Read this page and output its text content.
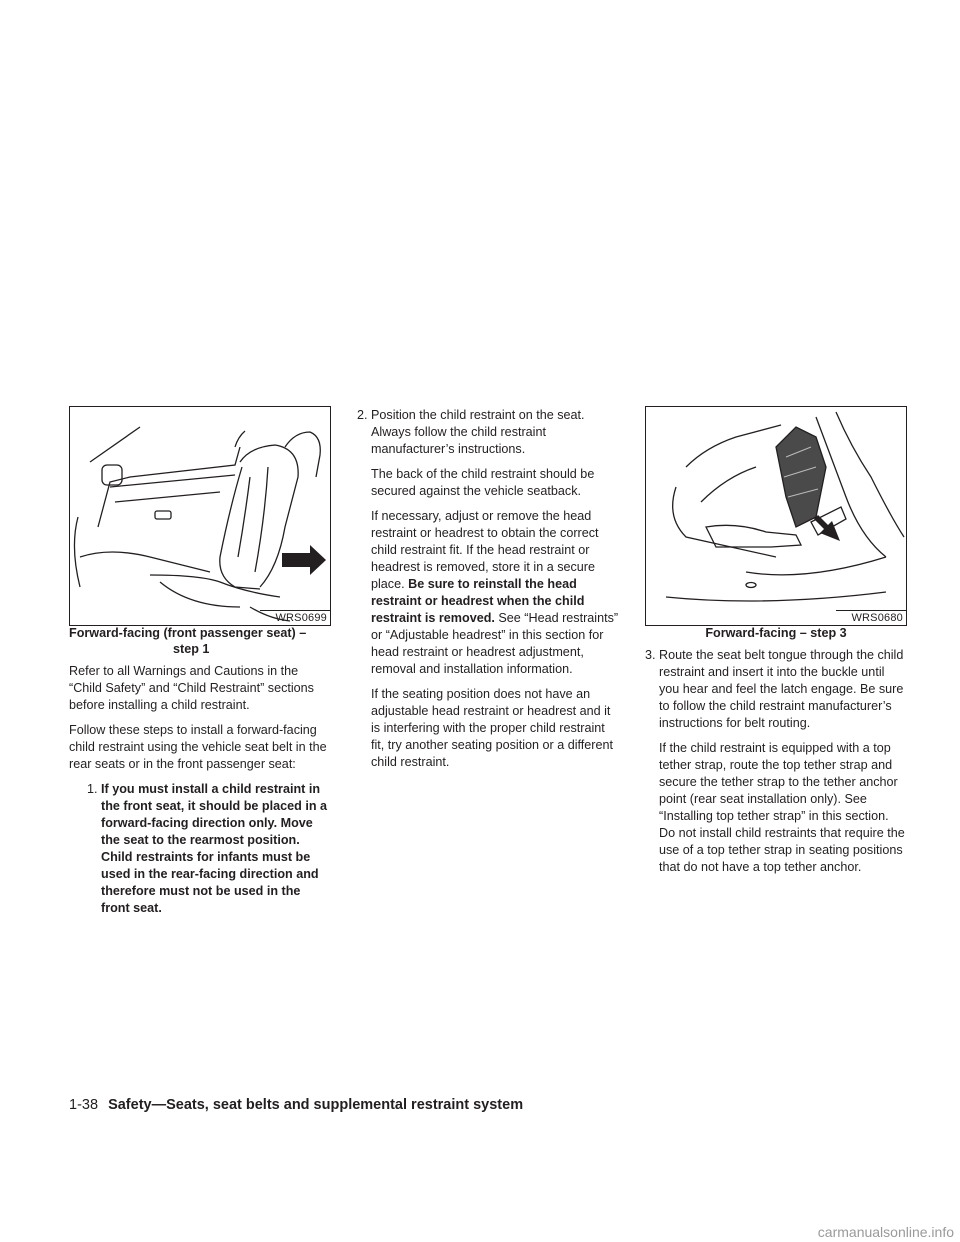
WRS0699
Forward-facing (front passenger seat) –
step 1

Refer to all Warnings and Cautions in the “Child Safety” and “Child Restraint” sections before installing a child restraint.

Follow these steps to install a forward-facing child restraint using the vehicle seat belt in the rear seats or in the front passenger seat:

1. If you must install a child restraint in the front seat, it should be placed in a forward-facing direction only. Move the seat to the rearmost position. Child restraints for infants must be used in the rear-facing direction and therefore must not be used in the front seat.
2. Position the child restraint on the seat. Always follow the child restraint manufacturer’s instructions.

The back of the child restraint should be secured against the vehicle seatback.

If necessary, adjust or remove the head restraint or headrest to obtain the correct child restraint fit. If the head restraint or headrest is removed, store it in a secure place. Be sure to reinstall the head restraint or headrest when the child restraint is removed. See “Head restraints” or “Adjustable headrest” in this section for head restraint or headrest adjustment, removal and installation information.

If the seating position does not have an adjustable head restraint or headrest and it is interfering with the proper child restraint fit, try another seating position or a different child restraint.

WRS0680
Forward-facing – step 3
3. Route the seat belt tongue through the child restraint and insert it into the buckle until you hear and feel the latch engage. Be sure to follow the child restraint manufacturer’s instructions for belt routing.

If the child restraint is equipped with a top tether strap, route the top tether strap and secure the tether strap to the tether anchor point (rear seat installation only). See “Installing top tether strap” in this section. Do not install child restraints that require the use of a top tether strap in seating positions that do not have a top tether anchor.

1-38 Safety—Seats, seat belts and supplemental restraint system
carmanualsonline.info
